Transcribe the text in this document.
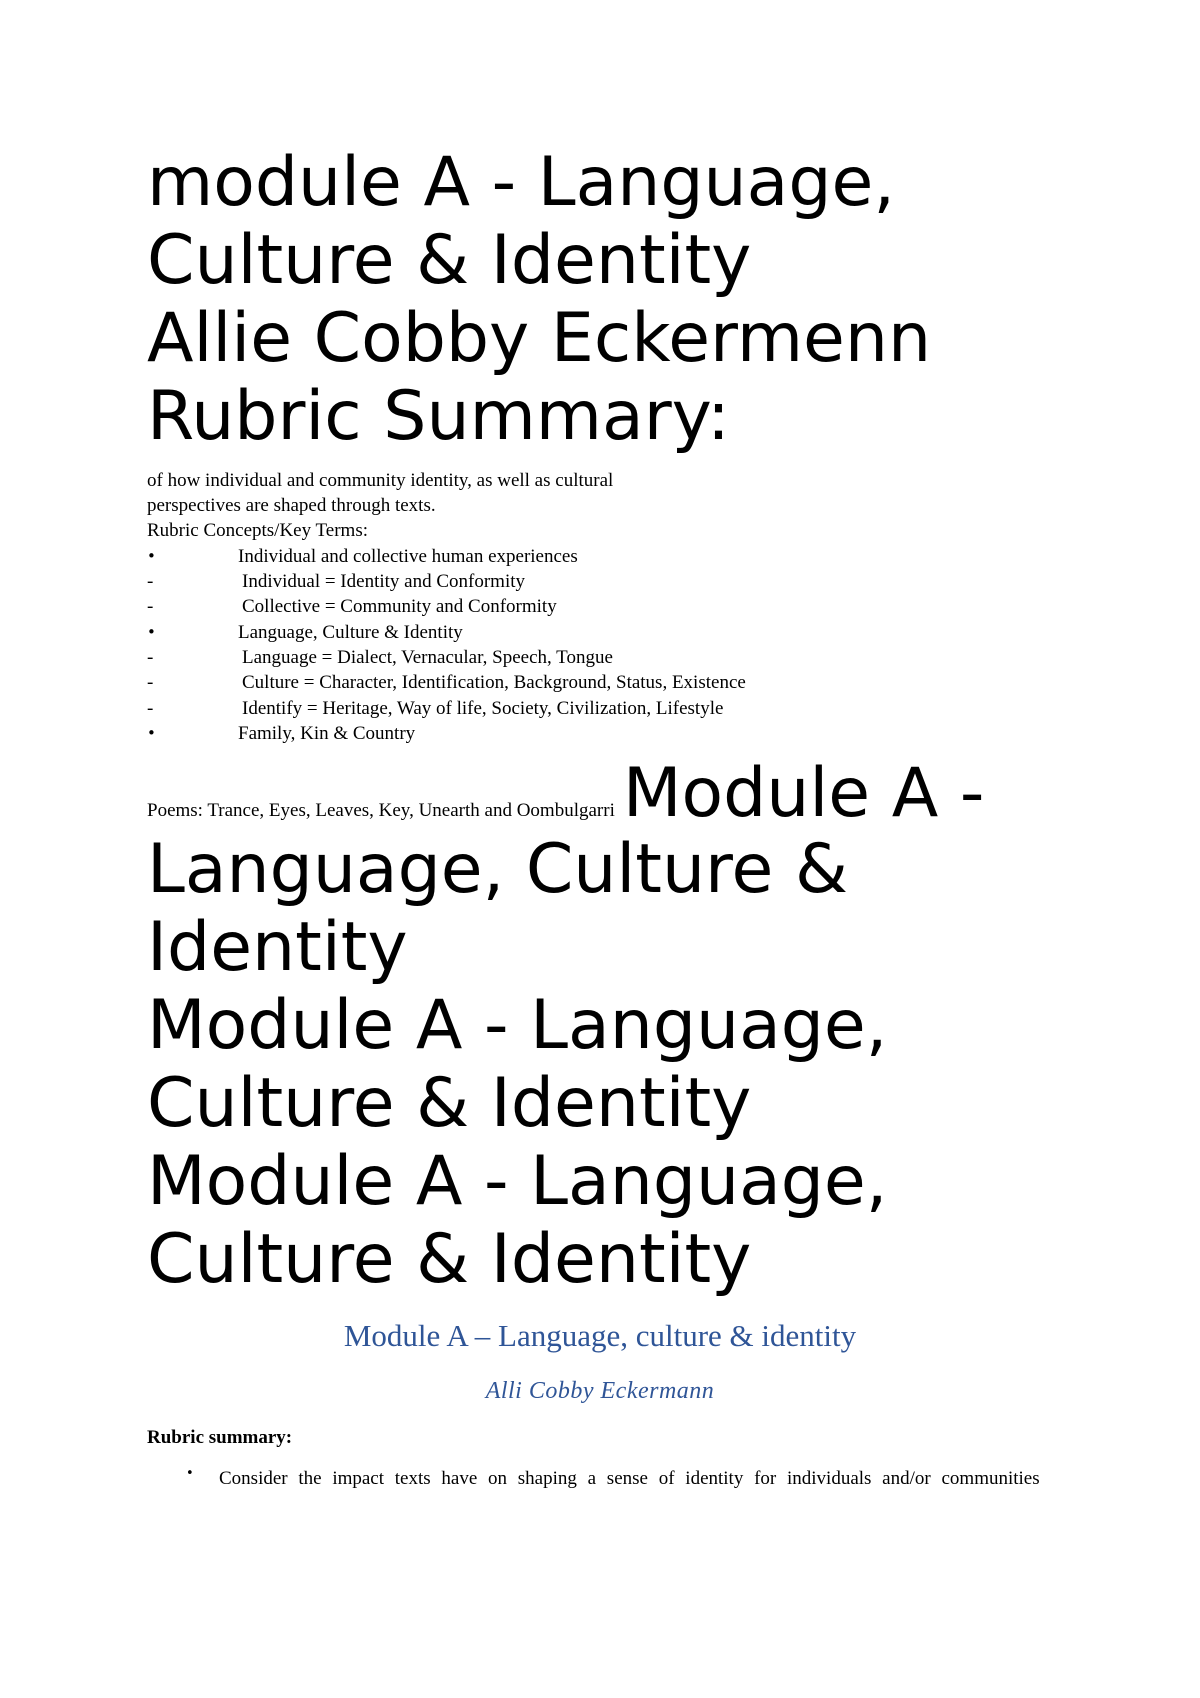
module A - Language,
Culture & Identity
Allie Cobby Eckermenn
Rubric Summary:
of how individual and community identity, as well as cultural
perspectives are shaped through texts.
Rubric Concepts/Key Terms:
•	Individual and collective human experiences
-	Individual = Identity and Conformity
-	Collective = Community and Conformity
•	Language, Culture & Identity
-	Language = Dialect, Vernacular, Speech, Tongue
-	Culture = Character, Identification, Background, Status, Existence
-	Identify = Heritage, Way of life, Society, Civilization, Lifestyle
•	Family, Kin & Country
Poems: Trance, Eyes, Leaves, Key, Unearth and Oombulgarri Module A -
Language, Culture &
Identity
Module A - Language,
Culture & Identity
Module A - Language,
Culture & Identity
Module A – Language, culture & identity
Alli Cobby Eckermann
Rubric summary:
• Consider the impact texts have on shaping a sense of identity for individuals and/or communities
